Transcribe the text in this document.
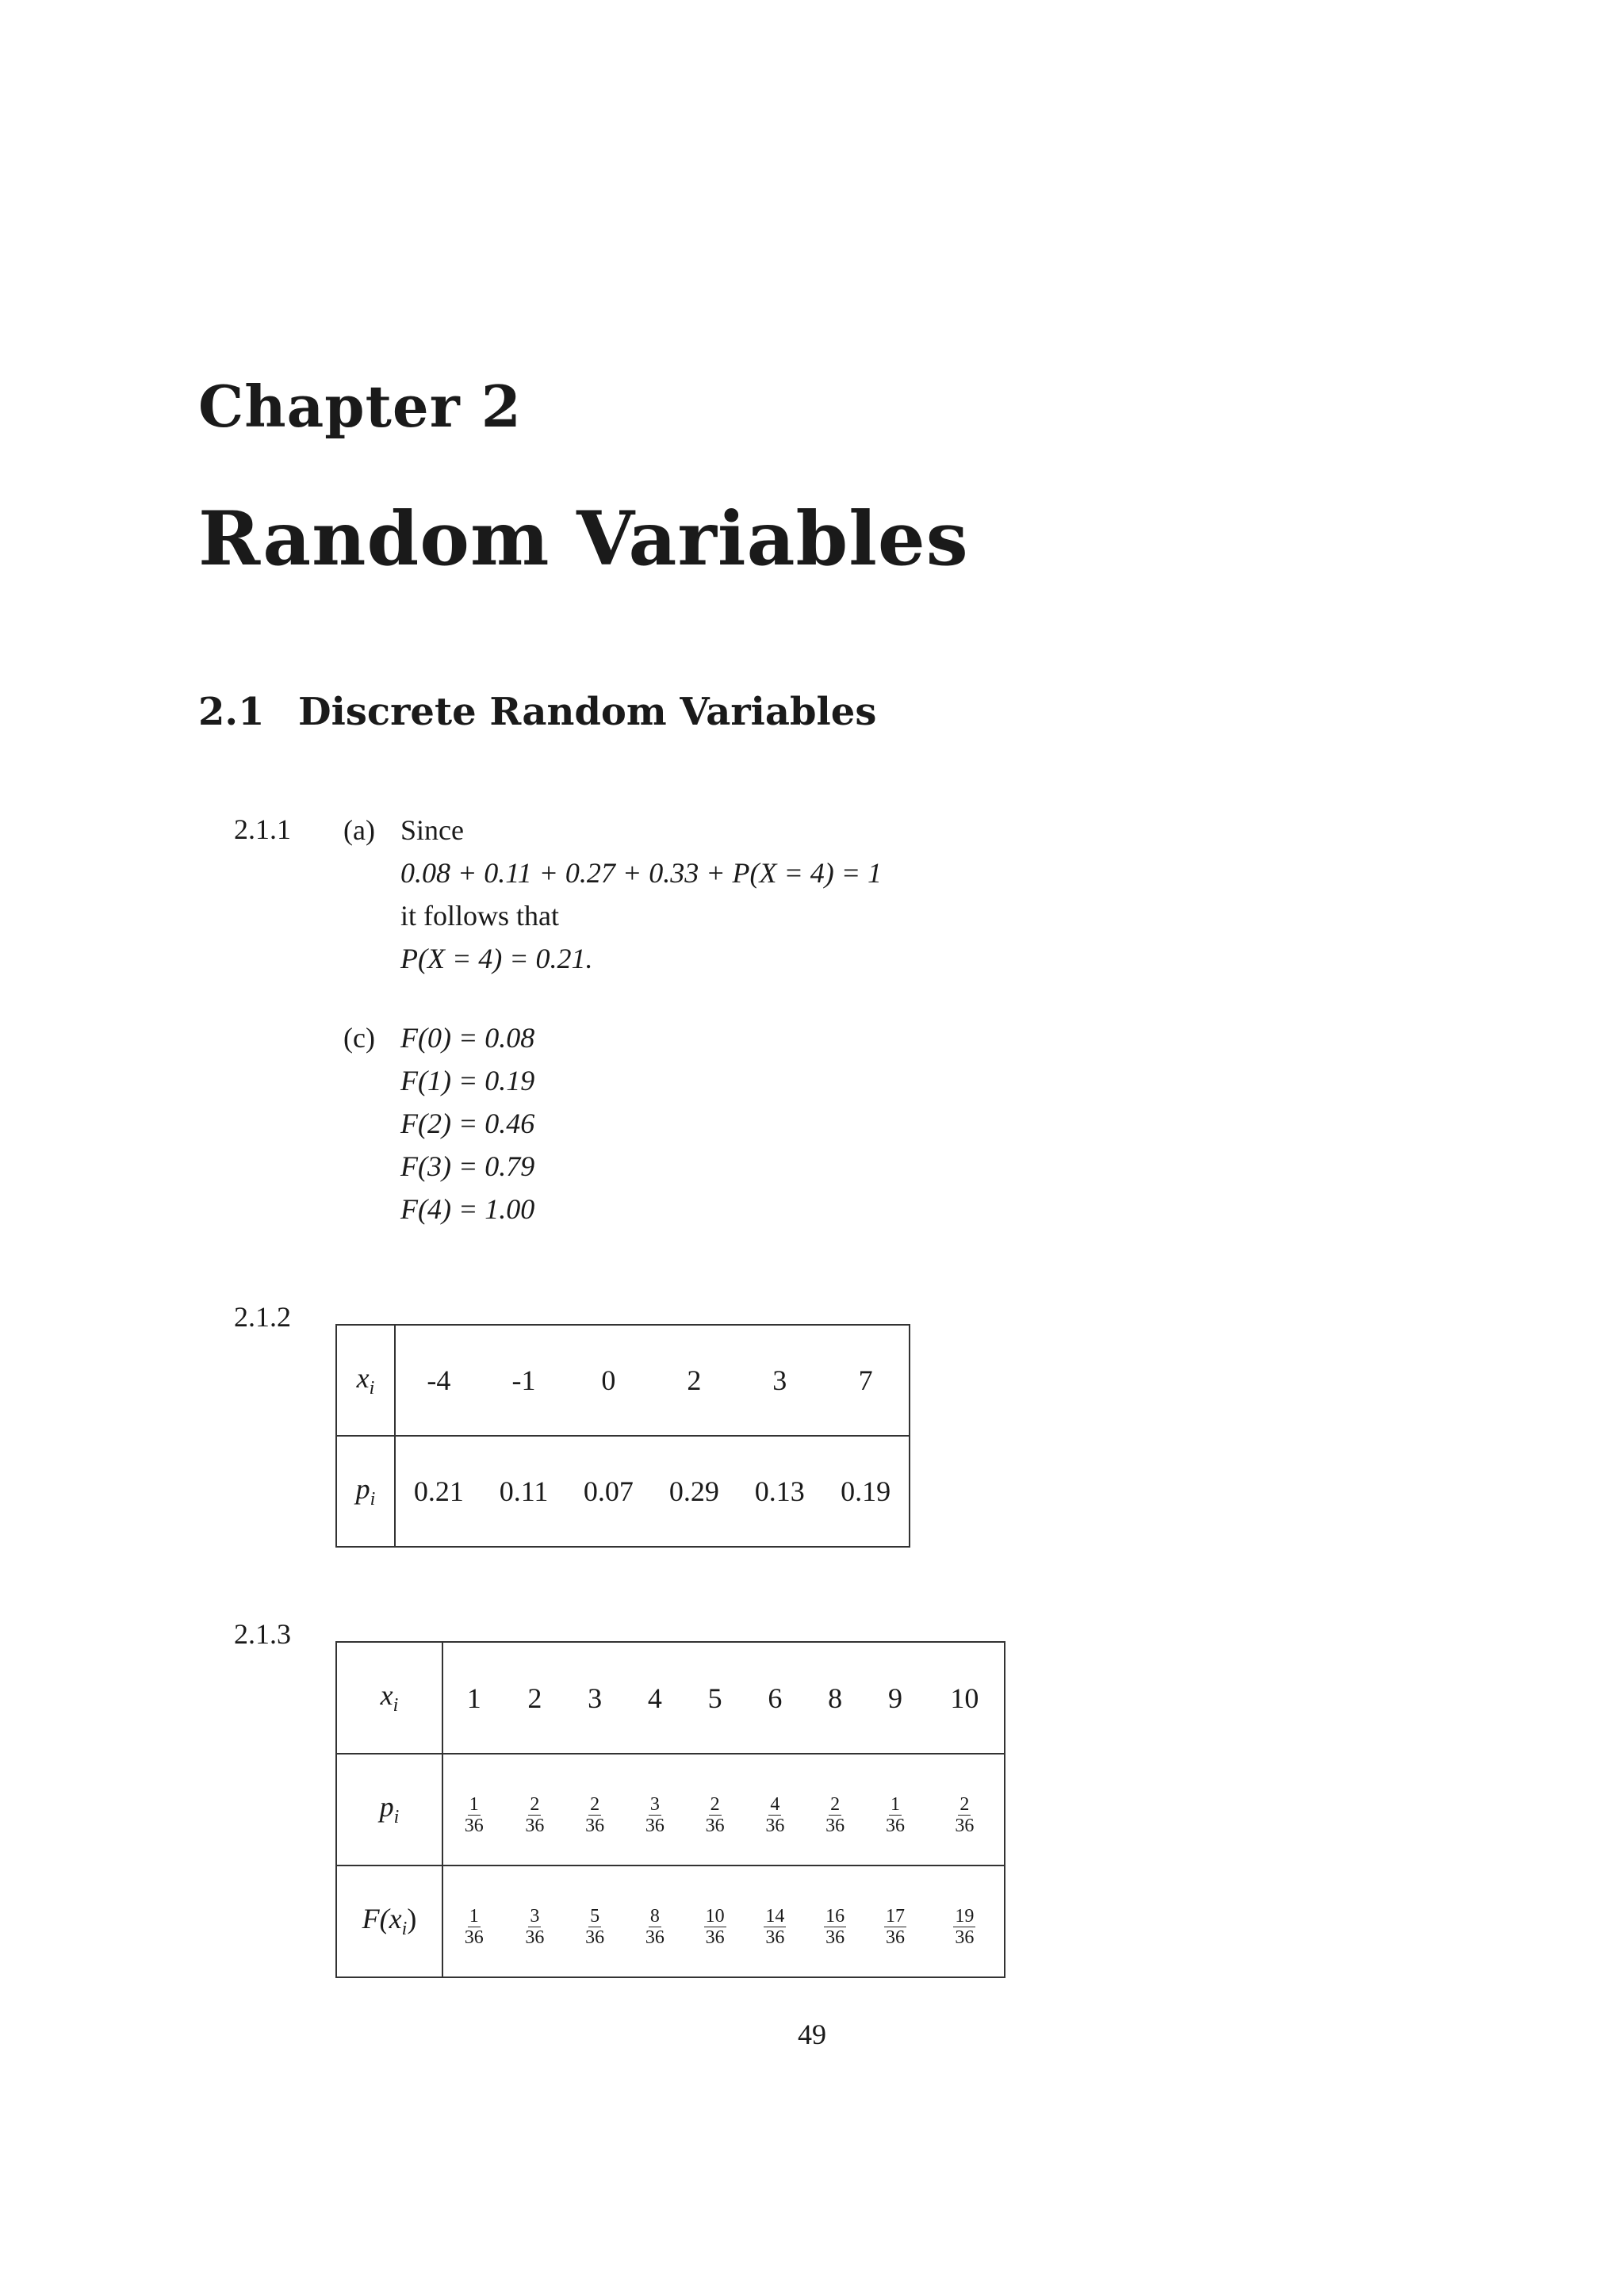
Chapter 2
Random Variables
2.1 Discrete Random Variables
2.1.1 (a) Since
0.08 + 0.11 + 0.27 + 0.33 + P(X = 4) = 1
it follows that
P(X = 4) = 0.21.
(c) F(0) = 0.08
F(1) = 0.19
F(2) = 0.46
F(3) = 0.79
F(4) = 1.00
2.1.2
$x_i$	-4	-1	0	2	3	7
$p_i$	0.21	0.11	0.07	0.29	0.13	0.19
2.1.3
$x_i$	1	2	3	4	5	6	8	9	10
$p_i$	$\frac{1}{36}$	$\frac{2}{36}$	$\frac{2}{36}$	$\frac{3}{36}$	$\frac{2}{36}$	$\frac{4}{36}$	$\frac{2}{36}$	$\frac{1}{36}$	$\frac{2}{36}$

$F(x_i)$	$\frac{1}{36}$	$\frac{3}{36}$	$\frac{5}{36}$	$\frac{8}{36}$	$\frac{10}{36}$	$\frac{14}{36}$	$\frac{16}{36}$	$\frac{17}{36}$	$\frac{19}{36}$
49
